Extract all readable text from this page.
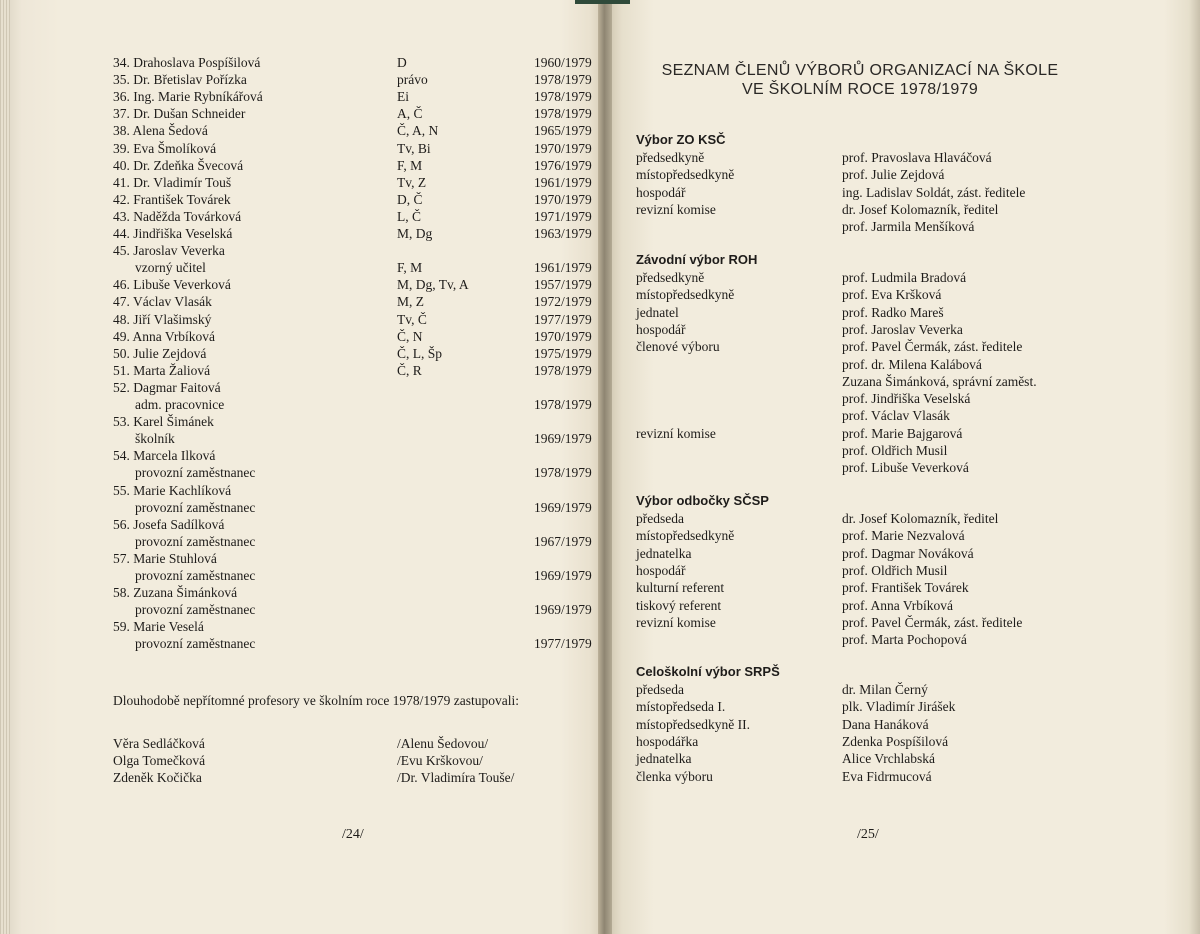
Dlouhodobě nepřítomné profesory ve školním roce 1978/1979 zastupovali:
Věra Sedláčková	/Alenu Šedovou/
Olga Tomečková	/Evu Krškovou/
Zdeněk Kočička	/Dr. Vladimíra Touše/
/24/
34. Drahoslava Pospíšilová	D	1960/1979
35. Dr. Břetislav Pořízka	právo	1978/1979
36. Ing. Marie Rybníkářová	Ei	1978/1979
37. Dr. Dušan Schneider	A, Č	1978/1979
38. Alena Šedová	Č, A, N	1965/1979
39. Eva Šmolíková	Tv, Bi	1970/1979
40. Dr. Zdeňka Švecová	F, M	1976/1979
41. Dr. Vladimír Touš	Tv, Z	1961/1979
42. František Továrek	D, Č	1970/1979
43. Naděžda Továrková	L, Č	1971/1979
44. Jindřiška Veselská	M, Dg	1963/1979
45. Jaroslav Veverka
vzorný učitel	F, M	1961/1979
46. Libuše Veverková	M, Dg, Tv, A	1957/1979
47. Václav Vlasák	M, Z	1972/1979
48. Jiří Vlašimský	Tv, Č	1977/1979
49. Anna Vrbíková	Č, N	1970/1979
50. Julie Zejdová	Č, L, Šp	1975/1979
51. Marta Žaliová	Č, R	1978/1979
52. Dagmar Faitová
adm. pracovnice	1978/1979
53. Karel Šimánek
školník	1969/1979
54. Marcela Ilková
provozní zaměstnanec	1978/1979
55. Marie Kachlíková
provozní zaměstnanec	1969/1979
56. Josefa Sadílková
provozní zaměstnanec	1967/1979
57. Marie Stuhlová
provozní zaměstnanec	1969/1979
58. Zuzana Šimánková
provozní zaměstnanec	1969/1979
59. Marie Veselá
provozní zaměstnanec	1977/1979
SEZNAM ČLENŮ VÝBORŮ ORGANIZACÍ NA ŠKOLE
VE ŠKOLNÍM ROCE 1978/1979
Výbor ZO KSČ
předsedkyně	prof. Pravoslava Hlaváčová
místopředsedkyně	prof. Julie Zejdová
hospodář	ing. Ladislav Soldát, zást. ředitele
revizní komise	dr. Josef Kolomazník, ředitel
prof. Jarmila Menšíková
Závodní výbor ROH
předsedkyně	prof. Ludmila Bradová
místopředsedkyně	prof. Eva Kršková
jednatel	prof. Radko Mareš
hospodář	prof. Jaroslav Veverka
členové výboru	prof. Pavel Čermák, zást. ředitele
prof. dr. Milena Kalábová
Zuzana Šimánková, správní zaměst.
prof. Jindřiška Veselská
prof. Václav Vlasák
revizní komise	prof. Marie Bajgarová
prof. Oldřich Musil
prof. Libuše Veverková
Výbor odbočky SČSP
předseda	dr. Josef Kolomazník, ředitel
místopředsedkyně	prof. Marie Nezvalová
jednatelka	prof. Dagmar Nováková
hospodář	prof. Oldřich Musil
kulturní referent	prof. František Továrek
tiskový referent	prof. Anna Vrbíková
revizní komise	prof. Pavel Čermák, zást. ředitele
prof. Marta Pochopová
Celoškolní výbor SRPŠ
předseda	dr. Milan Černý
místopředseda I.	plk. Vladimír Jirášek
místopředsedkyně II.	Dana Hanáková
hospodářka	Zdenka Pospíšilová
jednatelka	Alice Vrchlabská
členka výboru	Eva Fidrmucová
/25/
